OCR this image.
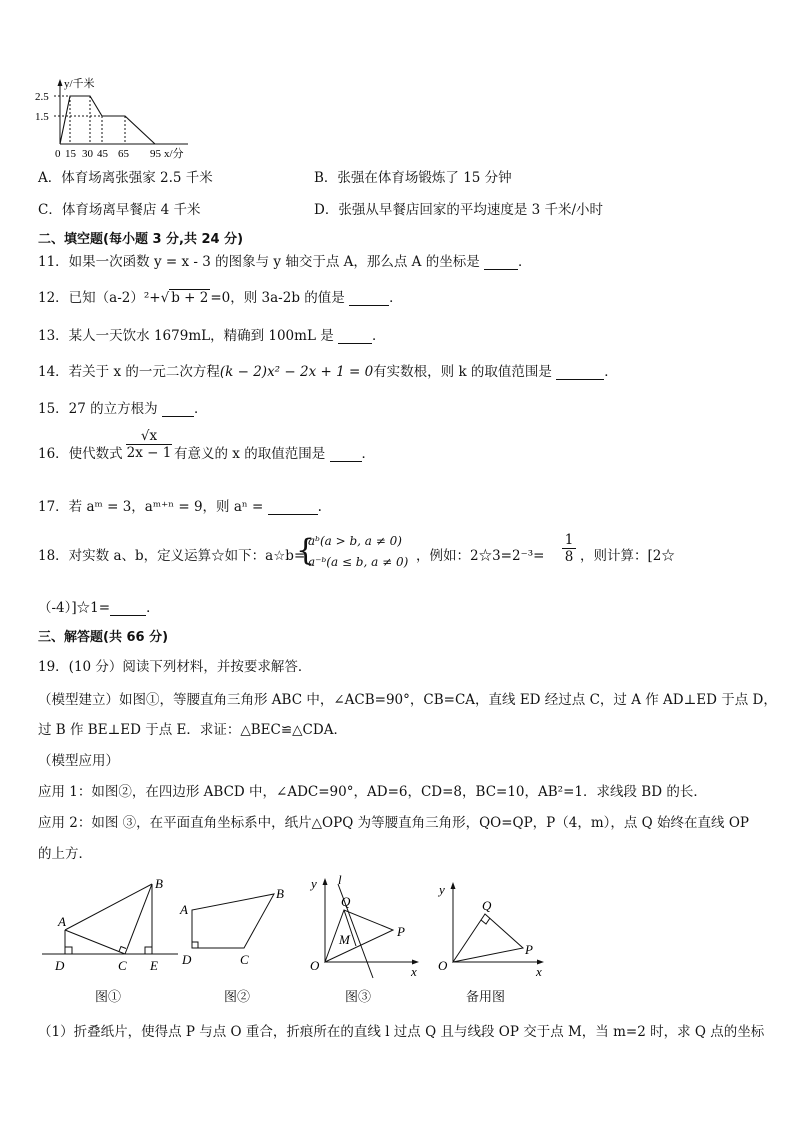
y/千米
2.5
1.5
0 15 30 45 65 95 x/分
A．体育场离张强家 2.5 千米	B．张强在体育场锻炼了 15 分钟
C．体育场离早餐店 4 千米	D．张强从早餐店回家的平均速度是 3 千米/小时
二、填空题(每小题 3 分,共 24 分)
11．如果一次函数 y = x - 3 的图象与 y 轴交于点 A，那么点 A 的坐标是	．
12．已知（a-2）²+√ b + 2 =0，则 3a-2b 的值是	．
13．某人一天饮水 1679mL，精确到 100mL 是	．
14．若关于 x 的一元二次方程(k − 2)x² − 2x + 1 = 0有实数根，则 k 的取值范围是	．
15．27 的立方根为	．
16．使代数式 $\frac{√x}{2x - 1}$ 有意义的 x 的取值范围是	．
17．若 aᵐ = 3，aᵐ⁺ⁿ = 9，则 aⁿ =	.
18．对实数 a、b，定义运算☆如下：a☆b=
{
aᵇ(a > b, a ≠ 0)
a⁻ᵇ(a ≤ b, a ≠ 0) ，例如：2☆3=2⁻³= $\frac{1}{8}$ ，则计算：[2☆
（-4）]☆1=	．
三、解答题(共 66 分)
19．(10 分）阅读下列材料，并按要求解答．
（模型建立）如图①，等腰直角三角形 ABC 中，∠ACB=90°，CB=CA，直线 ED 经过点 C，过 A 作 AD⊥ED 于点 D，
过 B 作 BE⊥ED 于点 E．求证：△BEC≌△CDA．
（模型应用）
应用 1：如图②，在四边形 ABCD 中，∠ADC=90°，AD=6，CD=8，BC=10，AB²=1．求线段 BD 的长．
应用 2：如图 ③，在平面直角坐标系中，纸片△OPQ 为等腰直角三角形，QO=QP，P（4，m），点 Q 始终在直线 OP
的上方．
A
B
C
D	E
图①
A
B
C
D
图②
y l
Q
P
M
O	x
图③
y
Q
P
O	x
备用图
（1）折叠纸片，使得点 P 与点 O 重合，折痕所在的直线 l 过点 Q 且与线段 OP 交于点 M，当 m=2 时，求 Q 点的坐标
